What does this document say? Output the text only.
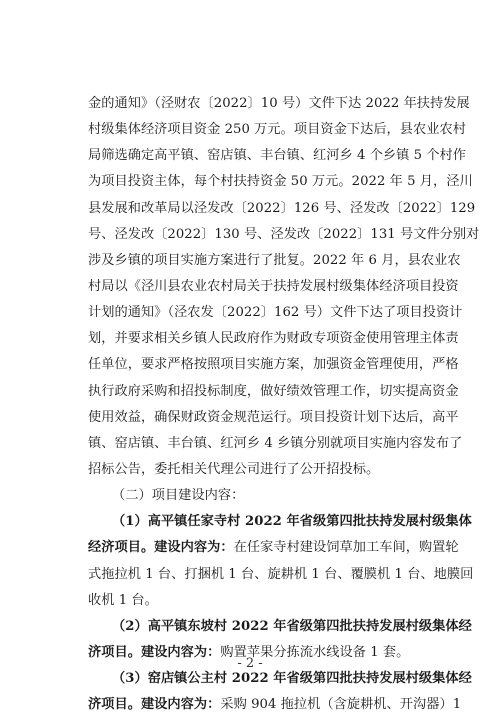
金的通知》（泾财农〔2022〕10 号）文件下达 2022 年扶持发展
村级集体经济项目资金 250 万元。项目资金下达后，县农业农村
局筛选确定高平镇、窑店镇、丰台镇、红河乡 4 个乡镇 5 个村作
为项目投资主体，每个村扶持资金 50 万元。2022 年 5 月，泾川
县发展和改革局以泾发改〔2022〕126 号、泾发改〔2022〕129
号、泾发改〔2022〕130 号、泾发改〔2022〕131 号文件分别对
涉及乡镇的项目实施方案进行了批复。2022 年 6 月，县农业农
村局以《泾川县农业农村局关于扶持发展村级集体经济项目投资
计划的通知》（泾农发〔2022〕162 号）文件下达了项目投资计
划，并要求相关乡镇人民政府作为财政专项资金使用管理主体责
任单位，要求严格按照项目实施方案，加强资金管理使用，严格
执行政府采购和招投标制度，做好绩效管理工作，切实提高资金
使用效益，确保财政资金规范运行。项目投资计划下达后，高平
镇、窑店镇、丰台镇、红河乡 4 乡镇分别就项目实施内容发布了
招标公告，委托相关代理公司进行了公开招投标。
（二）项目建设内容：
（1）高平镇任家寺村 2022 年省级第四批扶持发展村级集体
经济项目。建设内容为：在任家寺村建设饲草加工车间，购置轮
式拖拉机 1 台、打捆机 1 台、旋耕机 1 台、覆膜机 1 台、地膜回
收机 1 台。
（2）高平镇东坡村 2022 年省级第四批扶持发展村级集体经
济项目。建设内容为：购置苹果分拣流水线设备 1 套。
（3）窑店镇公主村 2022 年省级第四批扶持发展村级集体经
济项目。建设内容为：采购 904 拖拉机（含旋耕机、开沟器）1
- 2 -
